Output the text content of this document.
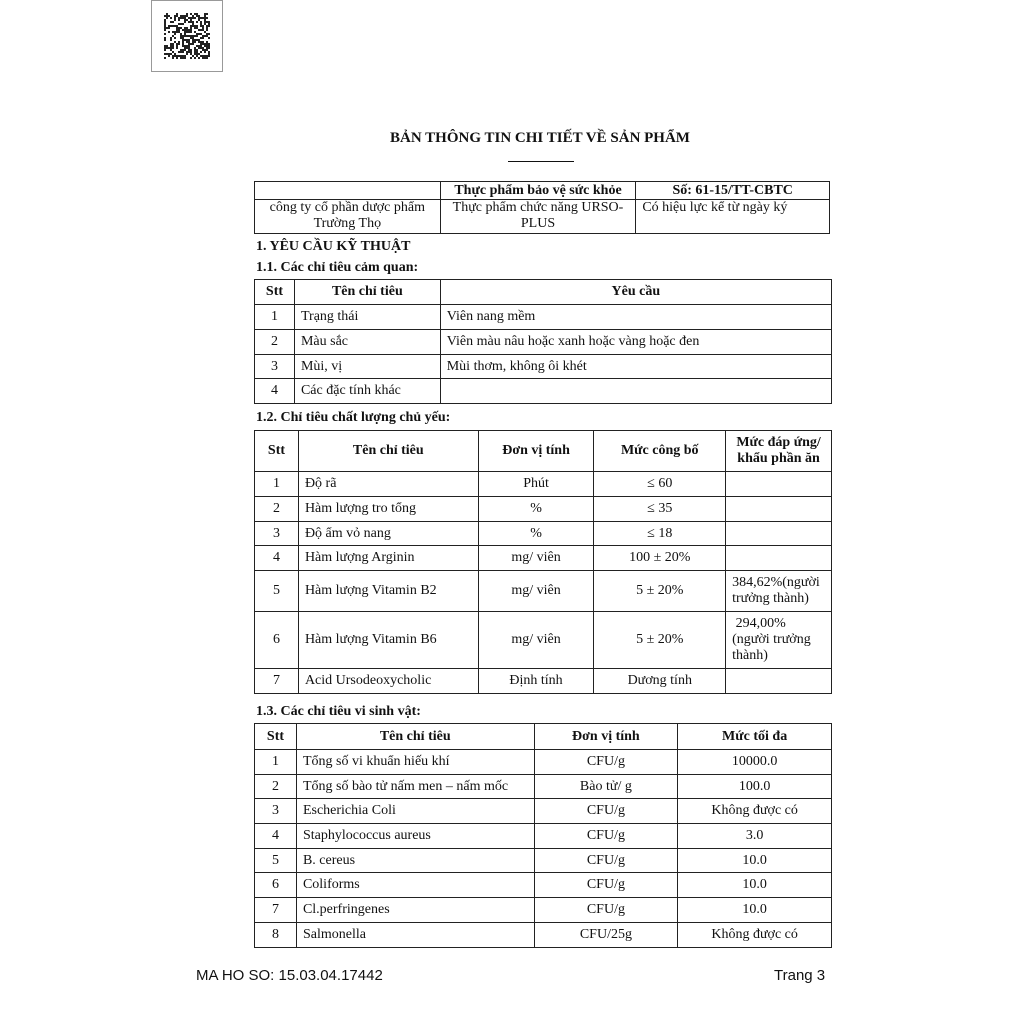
BẢN THÔNG TIN CHI TIẾT VỀ SẢN PHẨM
	Thực phẩm bảo vệ sức khỏe	Số: 61-15/TT-CBTC
công ty cổ phần dược phẩm Trường Thọ	Thực phẩm chức năng URSO-PLUS	Có hiệu lực kể từ ngày ký
1. YÊU CẦU KỸ THUẬT
1.1. Các chỉ tiêu cảm quan:
Stt	Tên chỉ tiêu	Yêu cầu
1	Trạng thái	Viên nang mềm
2	Màu sắc	Viên màu nâu hoặc xanh hoặc vàng hoặc đen
3	Mùi, vị	Mùi thơm, không ôi khét
4	Các đặc tính khác	
1.2. Chỉ tiêu chất lượng chủ yếu:
Stt	Tên chỉ tiêu	Đơn vị tính	Mức công bố	Mức đáp ứng/ khẩu phần ăn
1	Độ rã	Phút	≤ 60	
2	Hàm lượng tro tổng	%	≤ 35	
3	Độ ẩm vỏ nang	%	≤ 18	
4	Hàm lượng Arginin	mg/ viên	100 ± 20%	
5	Hàm lượng Vitamin B2	mg/ viên	5 ± 20%	384,62%(người trưởng thành)
6	Hàm lượng Vitamin B6	mg/ viên	5 ± 20%	294,00% (người trưởng thành)
7	Acid Ursodeoxycholic	Định tính	Dương tính	
1.3. Các chỉ tiêu vi sinh vật:
Stt	Tên chỉ tiêu	Đơn vị tính	Mức tối đa
1	Tổng số vi khuẩn hiếu khí	CFU/g	10000.0
2	Tổng số bào tử nấm men – nấm mốc	Bào tử/ g	100.0
3	Escherichia Coli	CFU/g	Không được có
4	Staphylococcus aureus	CFU/g	3.0
5	B. cereus	CFU/g	10.0
6	Coliforms	CFU/g	10.0
7	Cl.perfringenes	CFU/g	10.0
8	Salmonella	CFU/25g	Không được có
MA HO SO: 15.03.04.17442	Trang 3
